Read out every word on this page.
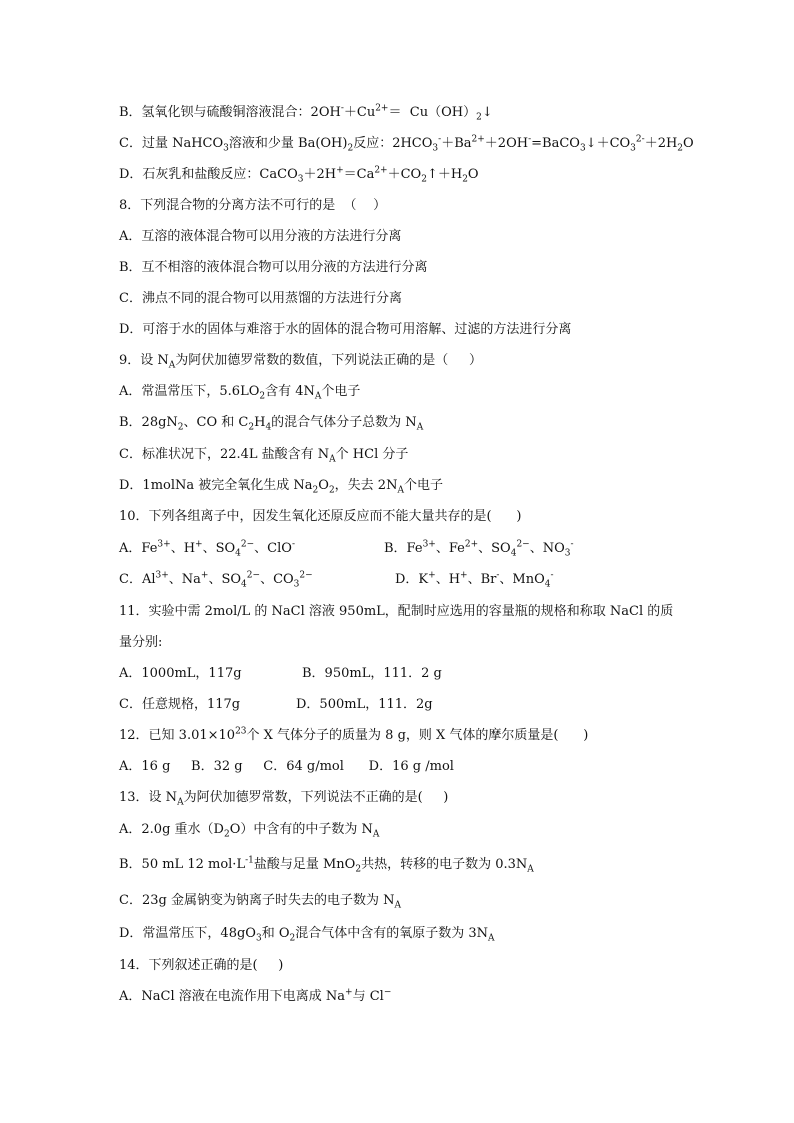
B．氢氧化钡与硫酸铜溶液混合：$2OH^-+Cu^{2+}=$  $Cu(OH)_2↓$
C．过量 NaHCO$_3$溶液和少量 $Ba(OH)_2$反应：$2HCO_3^-+Ba^{2+}+2OH^-=BaCO_3↓+CO_3^{2-}+2H_2O$
D．石灰乳和盐酸反应：$CaCO_3+2H^+=Ca^{2+}+CO_2↑+H_2O$
8．下列混合物的分离方法不可行的是  （    ）
A．互溶的液体混合物可以用分液的方法进行分离
B．互不相溶的液体混合物可以用分液的方法进行分离
C．沸点不同的混合物可以用蒸馏的方法进行分离
D．可溶于水的固体与难溶于水的固体的混合物可用溶解、过滤的方法进行分离
9．设 $N_A$为阿伏加德罗常数的数值，下列说法正确的是（     ）
A．常温常压下，$5.6LO_2$含有 $4N_A$个电子
B．$28gN_2$、CO 和 $C_2H_4$的混合气体分子总数为 $N_A$
C．标准状况下，22.4L 盐酸含有 $N_A$个 HCl 分子
D．1molNa 被完全氧化生成 $Na_2O_2$，失去 $2N_A$个电子
10．下列各组离子中，因发生氧化还原反应而不能大量共存的是(      )
A．$Fe^{3+}$、H+、$SO_4^{2-}$、ClO-	B．$Fe^{3+}$、$Fe^{2+}$、$SO_4^{2-}$、$NO_3^-$
C．$Al^{3+}$、Na+、$SO_4^{2-}$、$CO_3^{2-}$	D．K+、H+、Br-、MnO$_4$-
11．实验中需 2mol/L 的 NaCl 溶液 950mL，配制时应选用的容量瓶的规格和称取 NaCl 的质
量分别:
A．1000mL，117g	B．950mL，111．2 g
C．任意规格，117g	D．500mL，111．2g
12．已知 $3.01\times 10^{23}$个 X 气体分子的质量为 8 g，则 X 气体的摩尔质量是(      )
A．16 g     B．32 g     C．64 g/mol      D．16 g /mol
13．设 $N_A$为阿伏加德罗常数，下列说法不正确的是(     )
A．2.0g 重水$(D_2O)$中含有的中子数为 $N_A$
B．50 mL 12 $mol\cdot L^{-1}$盐酸与足量 MnO$_2$共热，转移的电子数为 $0.3N_A$
C．23g 金属钠变为钠离子时失去的电子数为 $N_A$
D．常温常压下，$48gO_3$和 $O_2$混合气体中含有的氧原子数为 $3N_A$
14．下列叙述正确的是(     )
A．NaCl 溶液在电流作用下电离成 Na+与 Cl−
